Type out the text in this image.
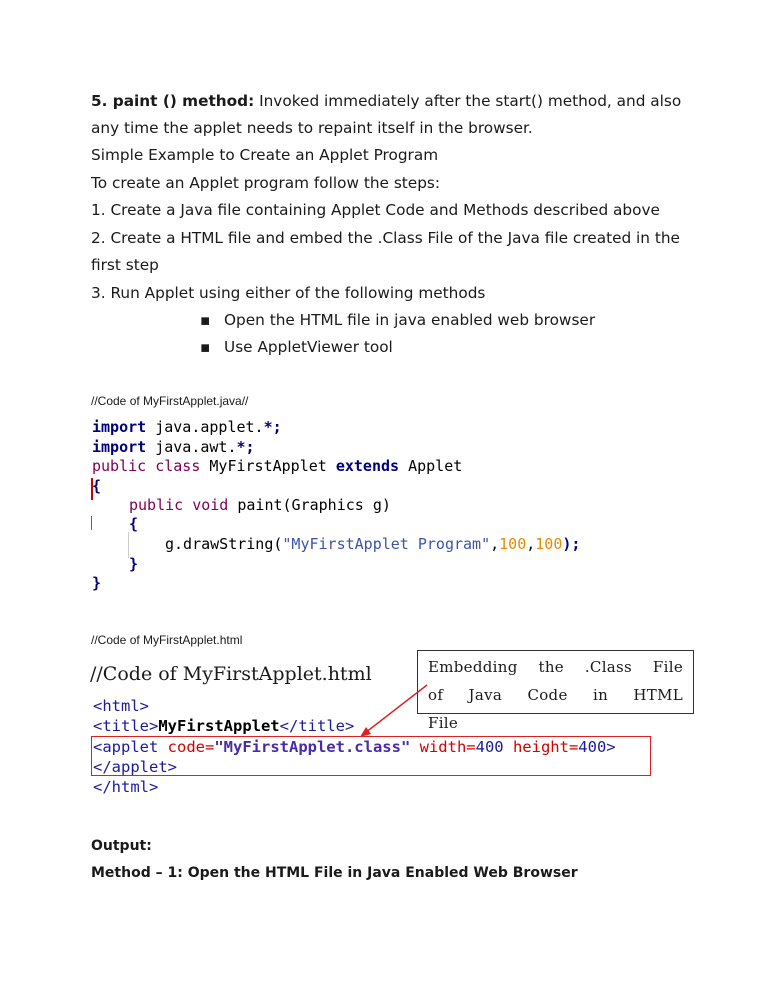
5. paint () method: Invoked immediately after the start() method, and also
any time the applet needs to repaint itself in the browser.
Simple Example to Create an Applet Program
To create an Applet program follow the steps:
1. Create a Java file containing Applet Code and Methods described above
2. Create a HTML file and embed the .Class File of the Java file created in the
first step
3. Run Applet using either of the following methods
▪ Open the HTML file in java enabled web browser
▪ Use AppletViewer tool
//Code of MyFirstApplet.java//
import java.applet.*;
import java.awt.*;
public class MyFirstApplet extends Applet
{
public void paint(Graphics g)
{
g.drawString("MyFirstApplet Program",100,100);
}
}
//Code of MyFirstApplet.html
//Code of MyFirstApplet.html	Embedding the .Class File of Java Code in HTML File
<html>
<title>MyFirstApplet</title>
<applet code="MyFirstApplet.class" width=400 height=400>
</applet>
</html>
Output:
Method – 1: Open the HTML File in Java Enabled Web Browser
